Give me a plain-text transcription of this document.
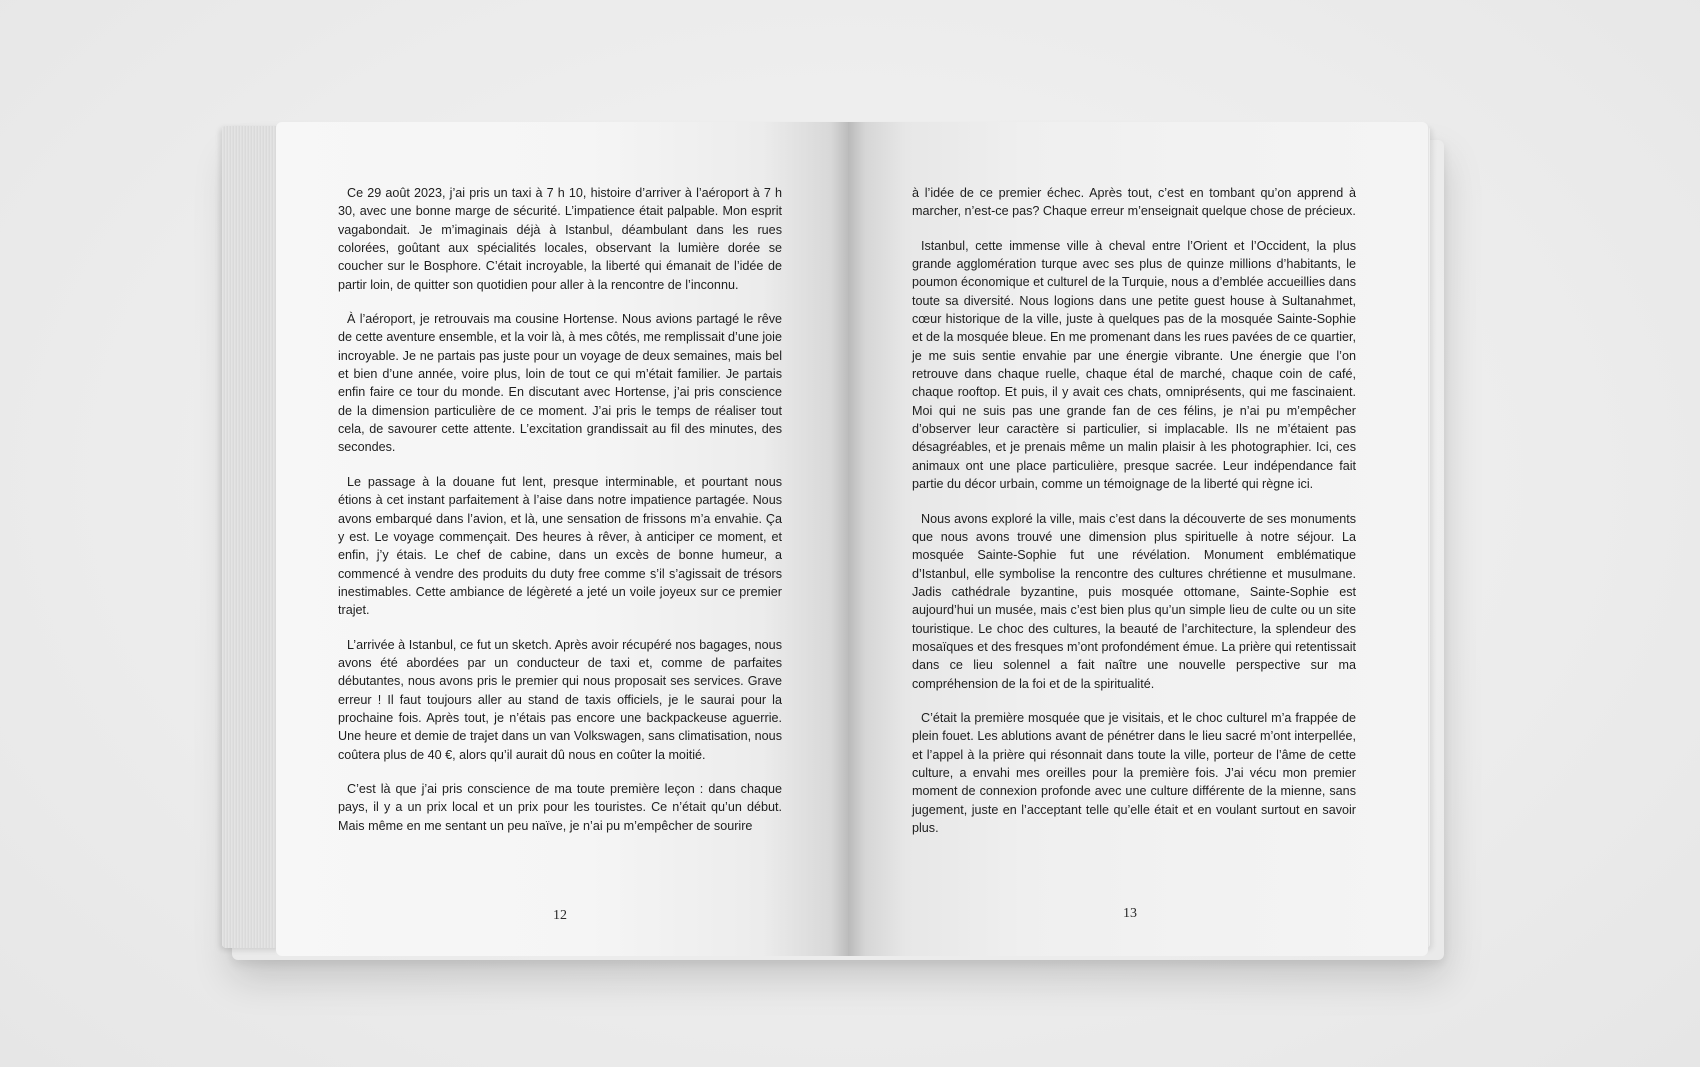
Ce 29 août 2023, j’ai pris un taxi à 7 h 10, histoire d’arriver à l’aéroport à 7 h 30, avec une bonne marge de sécurité. L’impatience était palpable. Mon esprit vagabondait. Je m’imaginais déjà à Istanbul, déambulant dans les rues colorées, goûtant aux spécialités locales, observant la lumière dorée se coucher sur le Bosphore. C’était incroyable, la liberté qui émanait de l’idée de partir loin, de quitter son quotidien pour aller à la rencontre de l’inconnu.

À l’aéroport, je retrouvais ma cousine Hortense. Nous avions partagé le rêve de cette aventure ensemble, et la voir là, à mes côtés, me remplissait d’une joie incroyable. Je ne partais pas juste pour un voyage de deux semaines, mais bel et bien d’une année, voire plus, loin de tout ce qui m’était familier. Je partais enfin faire ce tour du monde. En discutant avec Hortense, j’ai pris conscience de la dimension particulière de ce moment. J’ai pris le temps de réaliser tout cela, de savourer cette attente. L’excitation grandissait au fil des minutes, des secondes.

Le passage à la douane fut lent, presque interminable, et pourtant nous étions à cet instant parfaitement à l’aise dans notre impatience partagée. Nous avons embarqué dans l’avion, et là, une sensation de frissons m’a envahie. Ça y est. Le voyage commençait. Des heures à rêver, à anticiper ce moment, et enfin, j’y étais. Le chef de cabine, dans un excès de bonne humeur, a commencé à vendre des produits du duty free comme s’il s’agissait de trésors inestimables. Cette ambiance de légèreté a jeté un voile joyeux sur ce premier trajet.

L’arrivée à Istanbul, ce fut un sketch. Après avoir récupéré nos bagages, nous avons été abordées par un conducteur de taxi et, comme de parfaites débutantes, nous avons pris le premier qui nous proposait ses services. Grave erreur ! Il faut toujours aller au stand de taxis officiels, je le saurai pour la prochaine fois. Après tout, je n’étais pas encore une backpackeuse aguerrie. Une heure et demie de trajet dans un van Volkswagen, sans climatisation, nous coûtera plus de 40 €, alors qu’il aurait dû nous en coûter la moitié.

C’est là que j’ai pris conscience de ma toute première leçon : dans chaque pays, il y a un prix local et un prix pour les touristes. Ce n’était qu’un début. Mais même en me sentant un peu naïve, je n’ai pu m’empêcher de sourire

12

à l’idée de ce premier échec. Après tout, c’est en tombant qu’on apprend à marcher, n’est-ce pas? Chaque erreur m’enseignait quelque chose de précieux.

Istanbul, cette immense ville à cheval entre l’Orient et l’Occident, la plus grande agglomération turque avec ses plus de quinze millions d’habitants, le poumon économique et culturel de la Turquie, nous a d’emblée accueillies dans toute sa diversité. Nous logions dans une petite guest house à Sultanahmet, cœur historique de la ville, juste à quelques pas de la mosquée Sainte-Sophie et de la mosquée bleue. En me promenant dans les rues pavées de ce quartier, je me suis sentie envahie par une énergie vibrante. Une énergie que l’on retrouve dans chaque ruelle, chaque étal de marché, chaque coin de café, chaque rooftop. Et puis, il y avait ces chats, omniprésents, qui me fascinaient. Moi qui ne suis pas une grande fan de ces félins, je n’ai pu m’empêcher d’observer leur caractère si particulier, si implacable. Ils ne m’étaient pas désagréables, et je prenais même un malin plaisir à les photographier. Ici, ces animaux ont une place particulière, presque sacrée. Leur indépendance fait partie du décor urbain, comme un témoignage de la liberté qui règne ici.

Nous avons exploré la ville, mais c’est dans la découverte de ses monuments que nous avons trouvé une dimension plus spirituelle à notre séjour. La mosquée Sainte-Sophie fut une révélation. Monument emblématique d’Istanbul, elle symbolise la rencontre des cultures chrétienne et musulmane. Jadis cathédrale byzantine, puis mosquée ottomane, Sainte-Sophie est aujourd’hui un musée, mais c’est bien plus qu’un simple lieu de culte ou un site touristique. Le choc des cultures, la beauté de l’architecture, la splendeur des mosaïques et des fresques m’ont profondément émue. La prière qui retentissait dans ce lieu solennel a fait naître une nouvelle perspective sur ma compréhension de la foi et de la spiritualité.

C’était la première mosquée que je visitais, et le choc culturel m’a frappée de plein fouet. Les ablutions avant de pénétrer dans le lieu sacré m’ont interpellée, et l’appel à la prière qui résonnait dans toute la ville, porteur de l’âme de cette culture, a envahi mes oreilles pour la première fois. J’ai vécu mon premier moment de connexion profonde avec une culture différente de la mienne, sans jugement, juste en l’acceptant telle qu’elle était et en voulant surtout en savoir plus.

13
